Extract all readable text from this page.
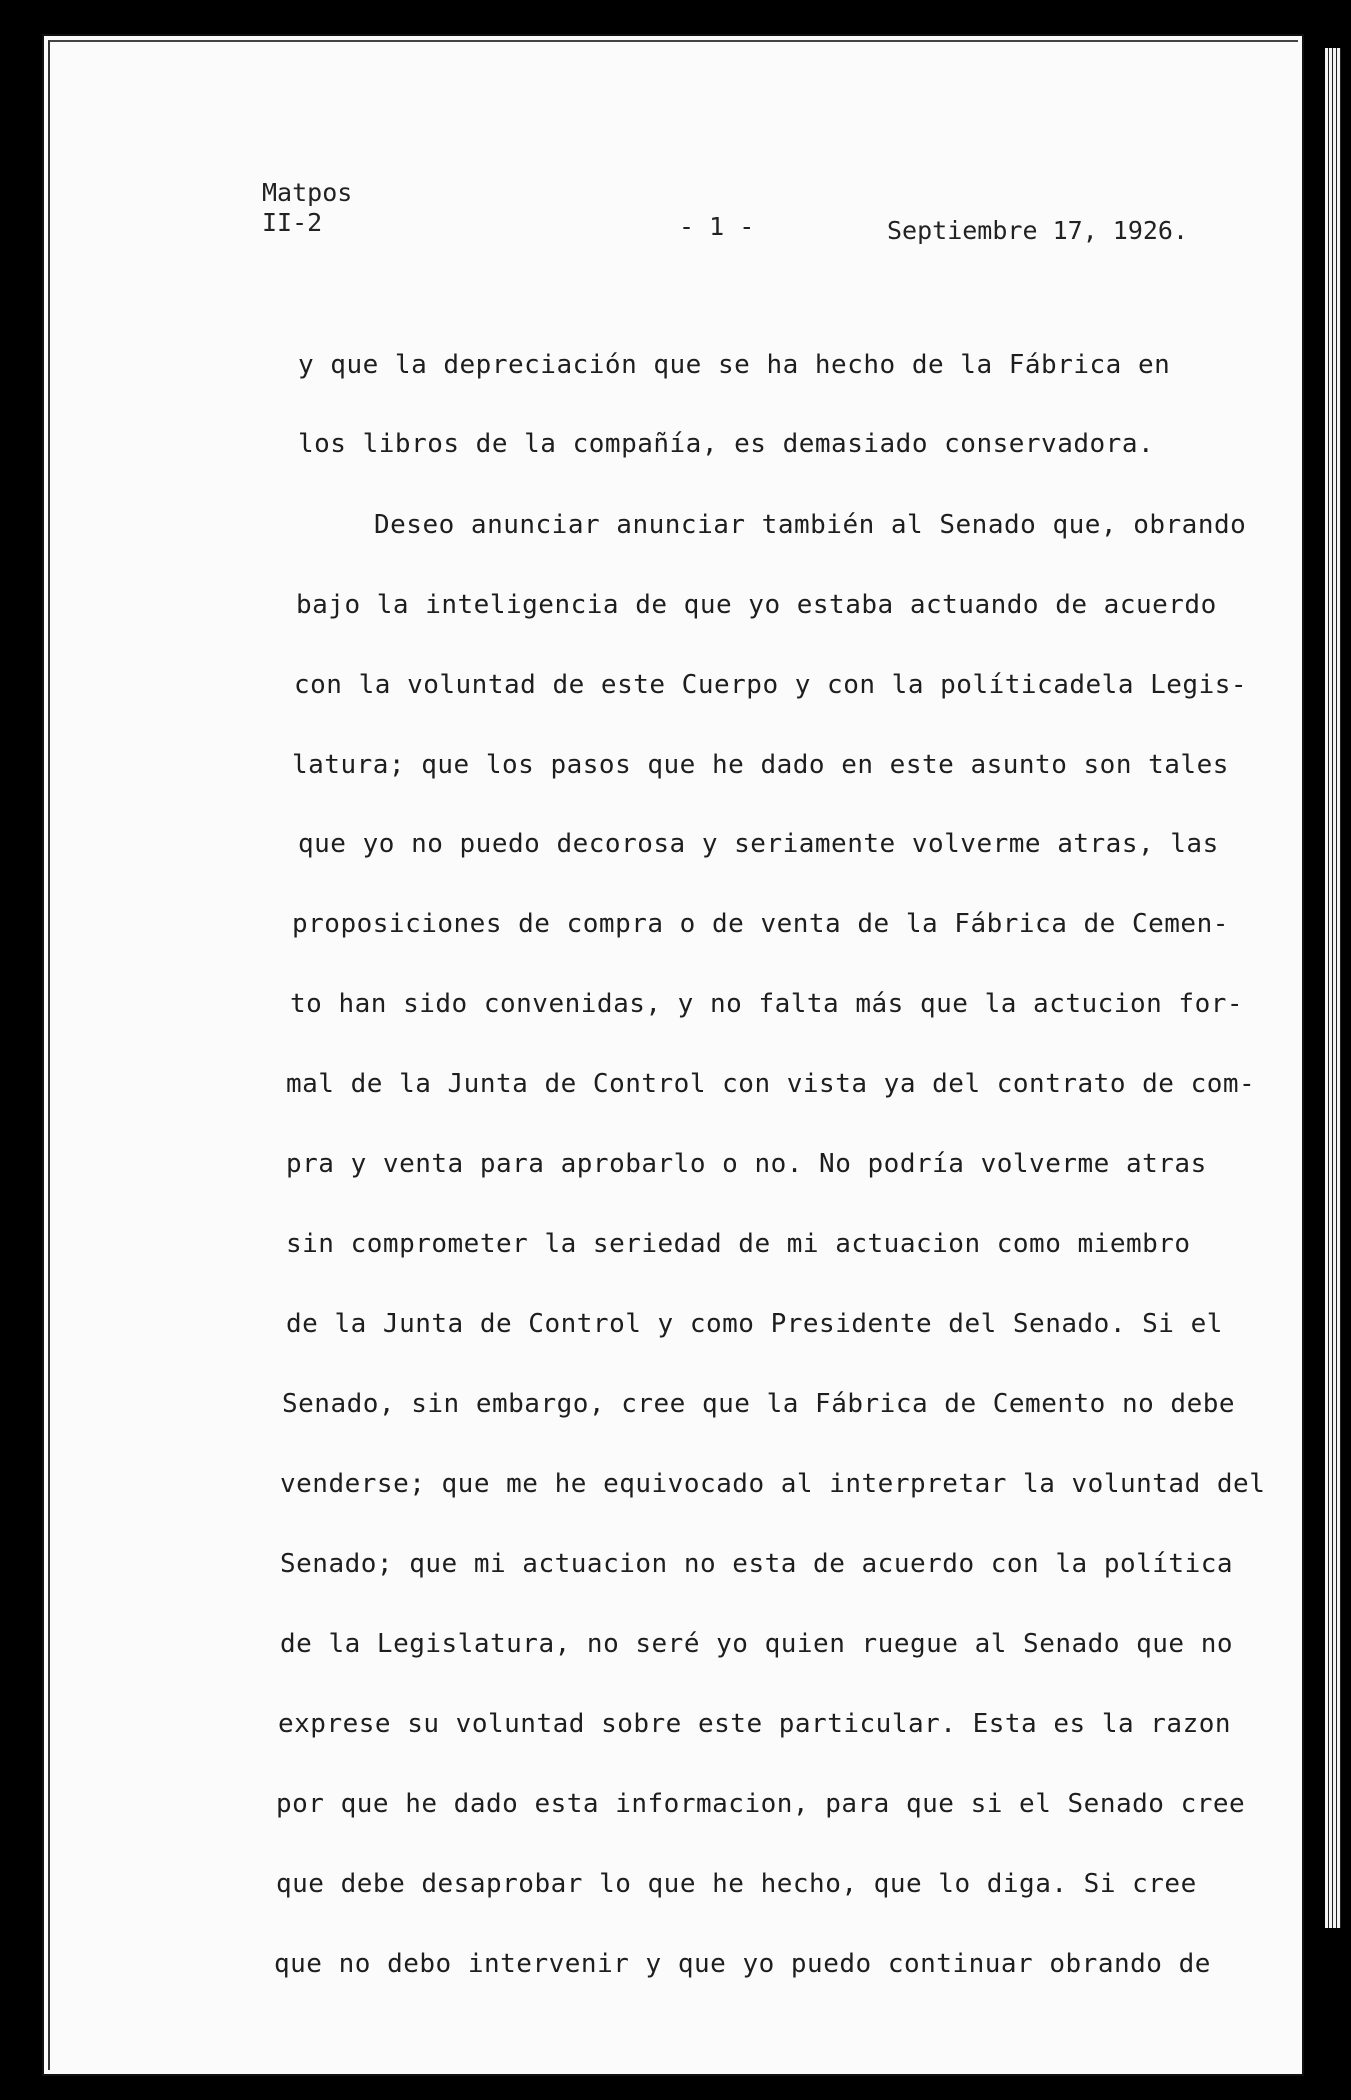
Matpos
II-2	- 1 -	Septiembre 17, 1926.
y que la depreciación que se ha hecho de la Fábrica en
los libros de la compañía, es demasiado conservadora.
Deseo anunciar anunciar también al Senado que, obrando
bajo la inteligencia de que yo estaba actuando de acuerdo
con la voluntad de este Cuerpo y con la políticadela Legis-
latura; que los pasos que he dado en este asunto son tales
que yo no puedo decorosa y seriamente volverme atras, las
proposiciones de compra o de venta de la Fábrica de Cemen-
to han sido convenidas, y no falta más que la actucion for-
mal de la Junta de Control con vista ya del contrato de com-
pra y venta para aprobarlo o no. No podría volverme atras
sin comprometer la seriedad de mi actuacion como miembro
de la Junta de Control y como Presidente del Senado. Si el
Senado, sin embargo, cree que la Fábrica de Cemento no debe
venderse; que me he equivocado al interpretar la voluntad del
Senado; que mi actuacion no esta de acuerdo con la política
de la Legislatura, no seré yo quien ruegue al Senado que no
exprese su voluntad sobre este particular. Esta es la razon
por que he dado esta informacion, para que si el Senado cree
que debe desaprobar lo que he hecho, que lo diga. Si cree
que no debo intervenir y que yo puedo continuar obrando de
